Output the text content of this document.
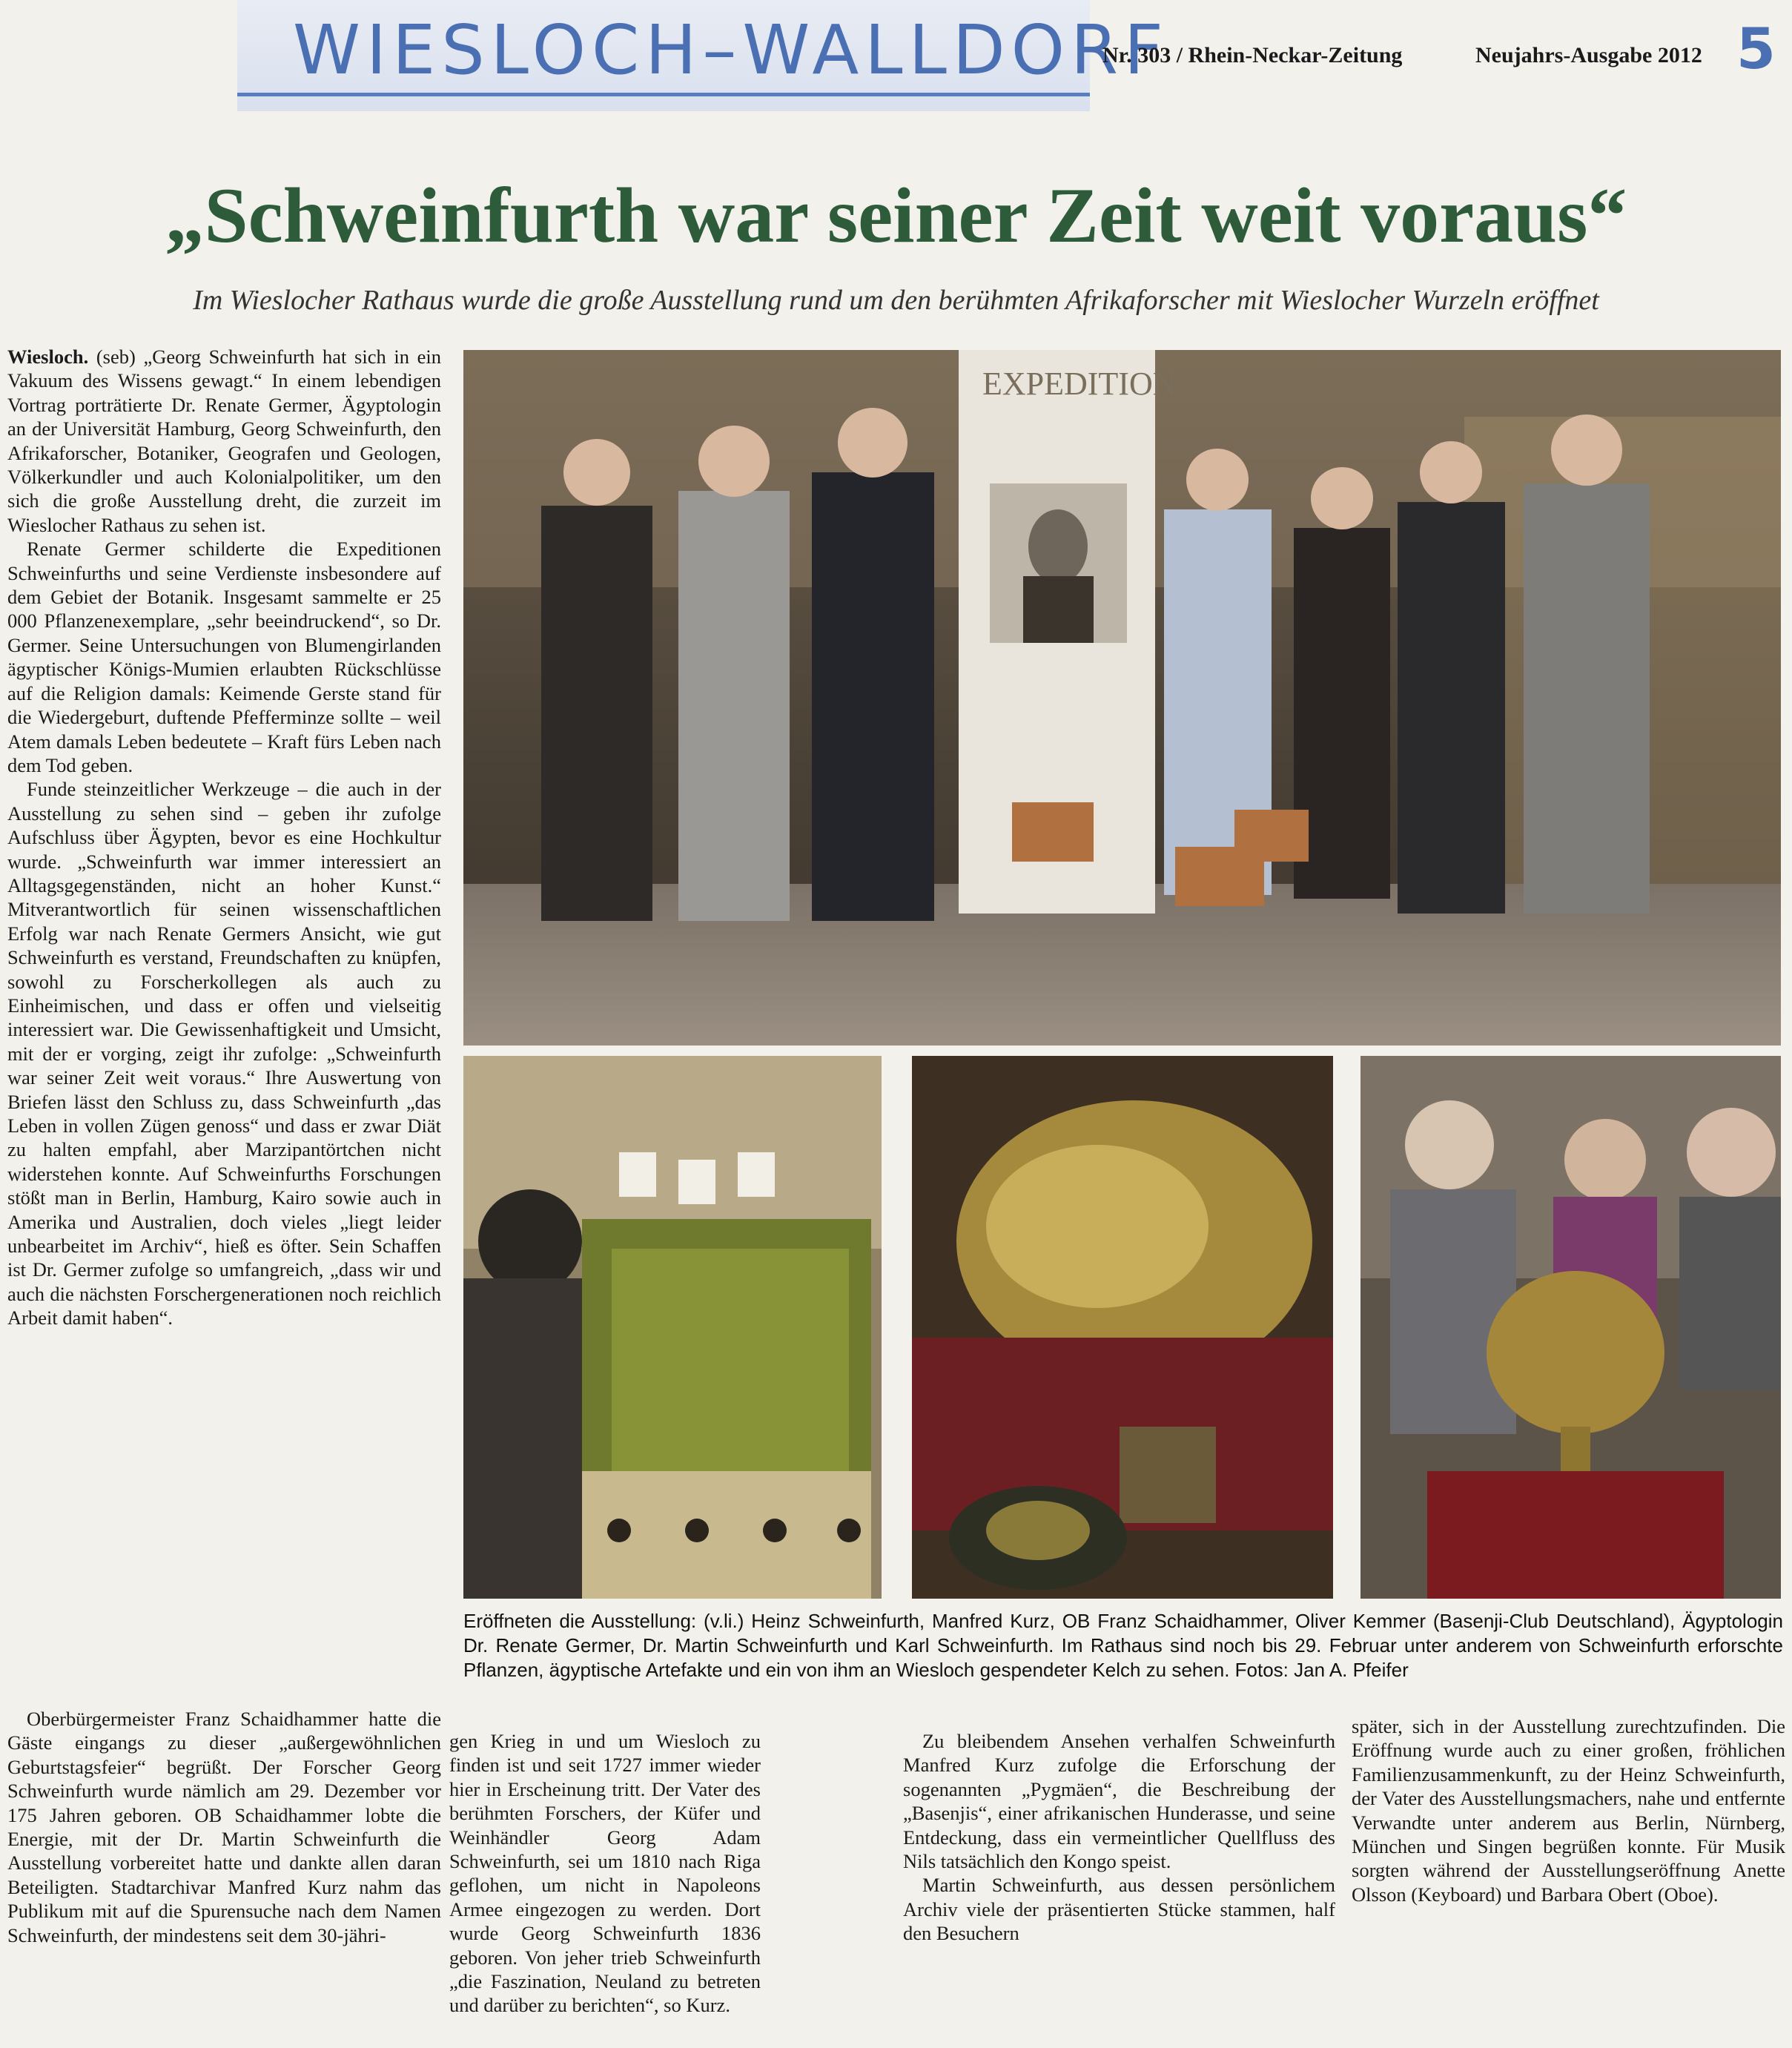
WIESLOCH–WALLDORF
Nr. 303 / Rhein-Neckar-Zeitung	Neujahrs-Ausgabe 2012 5
„Schweinfurth war seiner Zeit weit voraus“
Im Wieslocher Rathaus wurde die große Ausstellung rund um den berühmten Afrikaforscher mit Wieslocher Wurzeln eröffnet

Wiesloch. (seb) „Georg Schweinfurth hat sich in ein Vakuum des Wissens gewagt.“ In einem lebendigen Vortrag porträtierte Dr. Renate Germer, Ägyptologin an der Universität Hamburg, Georg Schweinfurth, den Afrikaforscher, Botaniker, Geografen und Geologen, Völkerkundler und auch Kolonialpolitiker, um den sich die große Ausstellung dreht, die zurzeit im Wieslocher Rathaus zu sehen ist.

Renate Germer schilderte die Expeditionen Schweinfurths und seine Verdienste insbesondere auf dem Gebiet der Botanik. Insgesamt sammelte er 25 000 Pflanzenexemplare, „sehr beeindruckend“, so Dr. Germer. Seine Untersuchungen von Blumengirlanden ägyptischer Königs-Mumien erlaubten Rückschlüsse auf die Religion damals: Keimende Gerste stand für die Wiedergeburt, duftende Pfefferminze sollte – weil Atem damals Leben bedeutete – Kraft fürs Leben nach dem Tod geben.

Funde steinzeitlicher Werkzeuge – die auch in der Ausstellung zu sehen sind – geben ihr zufolge Aufschluss über Ägypten, bevor es eine Hochkultur wurde. „Schweinfurth war immer interessiert an Alltagsgegenständen, nicht an hoher Kunst.“ Mitverantwortlich für seinen wissenschaftlichen Erfolg war nach Renate Germers Ansicht, wie gut Schweinfurth es verstand, Freundschaften zu knüpfen, sowohl zu Forscherkollegen als auch zu Einheimischen, und dass er offen und vielseitig interessiert war. Die Gewissenhaftigkeit und Umsicht, mit der er vorging, zeigt ihr zufolge: „Schweinfurth war seiner Zeit weit voraus.“ Ihre Auswertung von Briefen lässt den Schluss zu, dass Schweinfurth „das Leben in vollen Zügen genoss“ und dass er zwar Diät zu halten empfahl, aber Marzipantörtchen nicht widerstehen konnte. Auf Schweinfurths Forschungen stößt man in Berlin, Hamburg, Kairo sowie auch in Amerika und Australien, doch vieles „liegt leider unbearbeitet im Archiv“, hieß es öfter. Sein Schaffen ist Dr. Germer zufolge so umfangreich, „dass wir und auch die nächsten Forschergenerationen noch reichlich Arbeit damit haben“.

EXPEDITION
Eröffneten die Ausstellung: (v.li.) Heinz Schweinfurth, Manfred Kurz, OB Franz Schaidhammer, Oliver Kemmer (Basenji-Club Deutschland), Ägyptologin Dr. Renate Germer, Dr. Martin Schweinfurth und Karl Schweinfurth. Im Rathaus sind noch bis 29. Februar unter anderem von Schweinfurth erforschte Pflanzen, ägyptische Artefakte und ein von ihm an Wiesloch gespendeter Kelch zu sehen. Fotos: Jan A. Pfeifer

Oberbürgermeister Franz Schaidhammer hatte die Gäste eingangs zu dieser „außergewöhnlichen Geburtstagsfeier“ begrüßt. Der Forscher Georg Schweinfurth wurde nämlich am 29. Dezember vor 175 Jahren geboren. OB Schaidhammer lobte die Energie, mit der Dr. Martin Schweinfurth die Ausstellung vorbereitet hatte und dankte allen daran Beteiligten. Stadtarchivar Manfred Kurz nahm das Publikum mit auf die Spurensuche nach dem Namen Schweinfurth, der mindestens seit dem 30-jähri-

gen Krieg in und um Wiesloch zu finden ist und seit 1727 immer wieder hier in Erscheinung tritt. Der Vater des berühmten Forschers, der Küfer und Weinhändler Georg Adam Schweinfurth, sei um 1810 nach Riga geflohen, um nicht in Napoleons Armee eingezogen zu werden. Dort wurde Georg Schweinfurth 1836 geboren. Von jeher trieb Schweinfurth „die Faszination, Neuland zu betreten und darüber zu berichten“, so Kurz.

Zu bleibendem Ansehen verhalfen Schweinfurth Manfred Kurz zufolge die Erforschung der sogenannten „Pygmäen“, die Beschreibung der „Basenjis“, einer afrikanischen Hunderasse, und seine Entdeckung, dass ein vermeintlicher Quellfluss des Nils tatsächlich den Kongo speist.

Martin Schweinfurth, aus dessen persönlichem Archiv viele der präsentierten Stücke stammen, half den Besuchern

später, sich in der Ausstellung zurechtzufinden. Die Eröffnung wurde auch zu einer großen, fröhlichen Familienzusammenkunft, zu der Heinz Schweinfurth, der Vater des Ausstellungsmachers, nahe und entfernte Verwandte unter anderem aus Berlin, Nürnberg, München und Singen begrüßen konnte. Für Musik sorgten während der Ausstellungseröffnung Anette Olsson (Keyboard) und Barbara Obert (Oboe).
